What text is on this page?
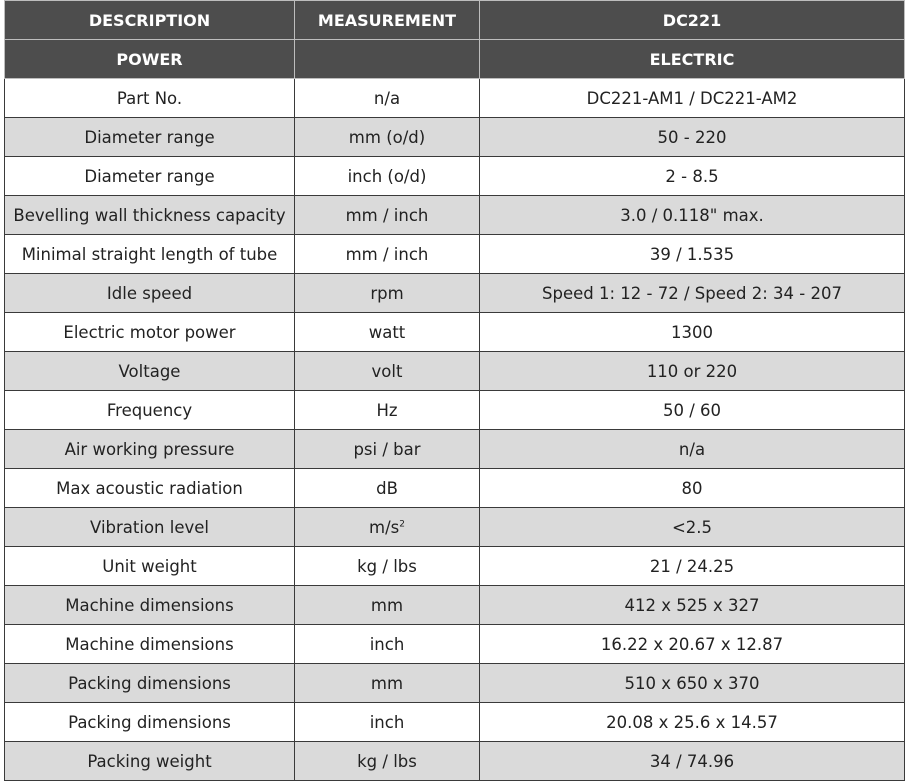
DESCRIPTION	MEASUREMENT	DC221
POWER		ELECTRIC
Part No.	n/a	DC221-AM1 / DC221-AM2
Diameter range	mm (o/d)	50 - 220
Diameter range	inch (o/d)	2 - 8.5
Bevelling wall thickness capacity	mm / inch	3.0 / 0.118" max.
Minimal straight length of tube	mm / inch	39 / 1.535
Idle speed	rpm	Speed 1: 12 - 72 / Speed 2: 34 - 207
Electric motor power	watt	1300
Voltage	volt	110 or 220
Frequency	Hz	50 / 60
Air working pressure	psi / bar	n/a
Max acoustic radiation	dB	80
Vibration level	$m/s^2$	<2.5
Unit weight	kg / lbs	21 / 24.25
Machine dimensions	mm	412 x 525 x 327
Machine dimensions	inch	16.22 x 20.67 x 12.87
Packing dimensions	mm	510 x 650 x 370
Packing dimensions	inch	20.08 x 25.6 x 14.57
Packing weight	kg / lbs	34 / 74.96
